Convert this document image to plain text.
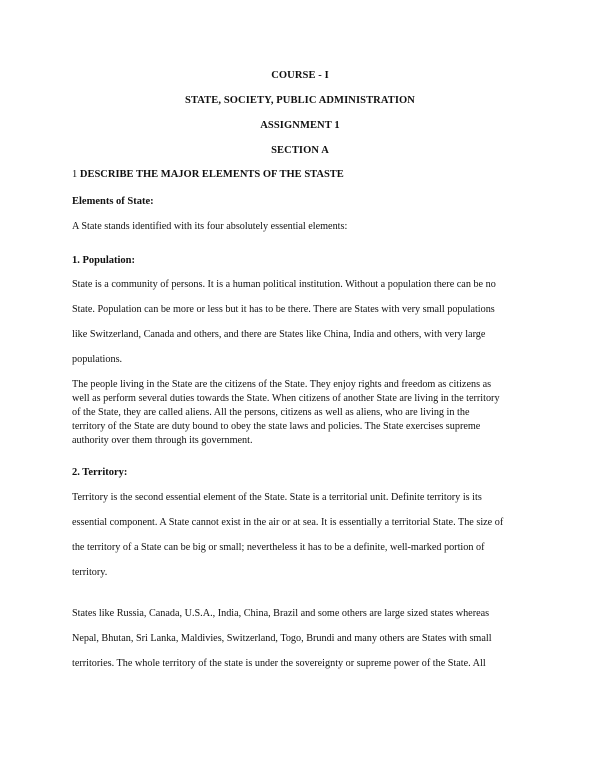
COURSE - I
STATE, SOCIETY, PUBLIC ADMINISTRATION
ASSIGNMENT 1
SECTION A
1 DESCRIBE THE MAJOR ELEMENTS OF THE STASTE
Elements of State:
A State stands identified with its four absolutely essential elements:
1. Population:
State is a community of persons. It is a human political institution. Without a population there can be no
State. Population can be more or less but it has to be there. There are States with very small populations
like Switzerland, Canada and others, and there are States like China, India and others, with very large
populations.
The people living in the State are the citizens of the State. They enjoy rights and freedom as citizens as
well as perform several duties towards the State. When citizens of another State are living in the territory
of the State, they are called aliens. All the persons, citizens as well as aliens, who are living in the
territory of the State are duty bound to obey the state laws and policies. The State exercises supreme
authority over them through its government.
2. Territory:
Territory is the second essential element of the State. State is a territorial unit. Definite territory is its
essential component. A State cannot exist in the air or at sea. It is essentially a territorial State. The size of
the territory of a State can be big or small; nevertheless it has to be a definite, well-marked portion of
territory.
States like Russia, Canada, U.S.A., India, China, Brazil and some others are large sized states whereas
Nepal, Bhutan, Sri Lanka, Maldivies, Switzerland, Togo, Brundi and many others are States with small
territories. The whole territory of the state is under the sovereignty or supreme power of the State. All
